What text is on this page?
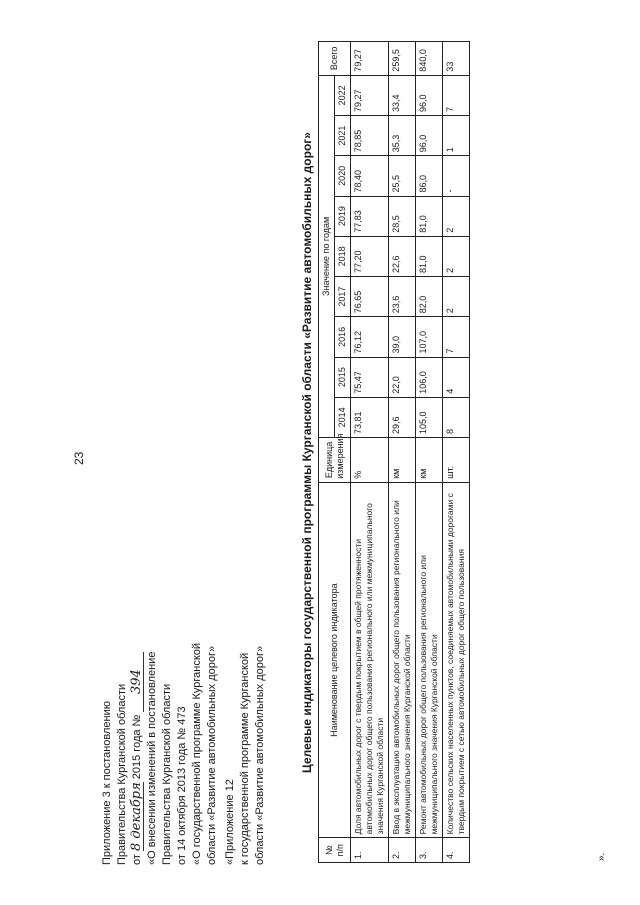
23
Приложение 3 к постановлению Правительства Курганской области от 8 декабря 2015 года № 394 «О внесении изменений в постановление Правительства Курганской области от 14 октября 2013 года № 473 «О государственной программе Курганской области «Развитие автомобильных дорог» «Приложение 12 к государственной программе Курганской области «Развитие автомобильных дорог»	Целевые индикаторы государственной программы Курганской области «Развитие автомобильных дорог»
№ п/п	Наименование целевого индикатора	Единица измерения	Значение по годам									Всего
			2014	2015	2016	2017	2018	2019	2020	2021	2022	
1.	Доля автомобильных дорог с твердым покрытием в общей протяженности автомобильных дорог общего пользования регионального или межмуниципального значения Курганской области	%	73,81	75,47	76,12	76,65	77,20	77,83	78,40	78,85	79,27	79,27
2.	Ввод в эксплуатацию автомобильных дорог общего пользования регионального или межмуниципального значения Курганской области	км	29,6	22,0	39,0	23,6	22,6	28,5	25,5	35,3	33,4	259,5
3.	Ремонт автомобильных дорог общего пользования регионального или межмуниципального значения Курганской области	км	105,0	106,0	107,0	82,0	81,0	81,0	86,0	96,0	96,0	840,0
4.	Количество сельских населенных пунктов, соединяемых автомобильными дорогами с твердым покрытием с сетью автомобильных дорог общего пользования	шт.	8	4	7	2	2	2	-	1	7	33
».
